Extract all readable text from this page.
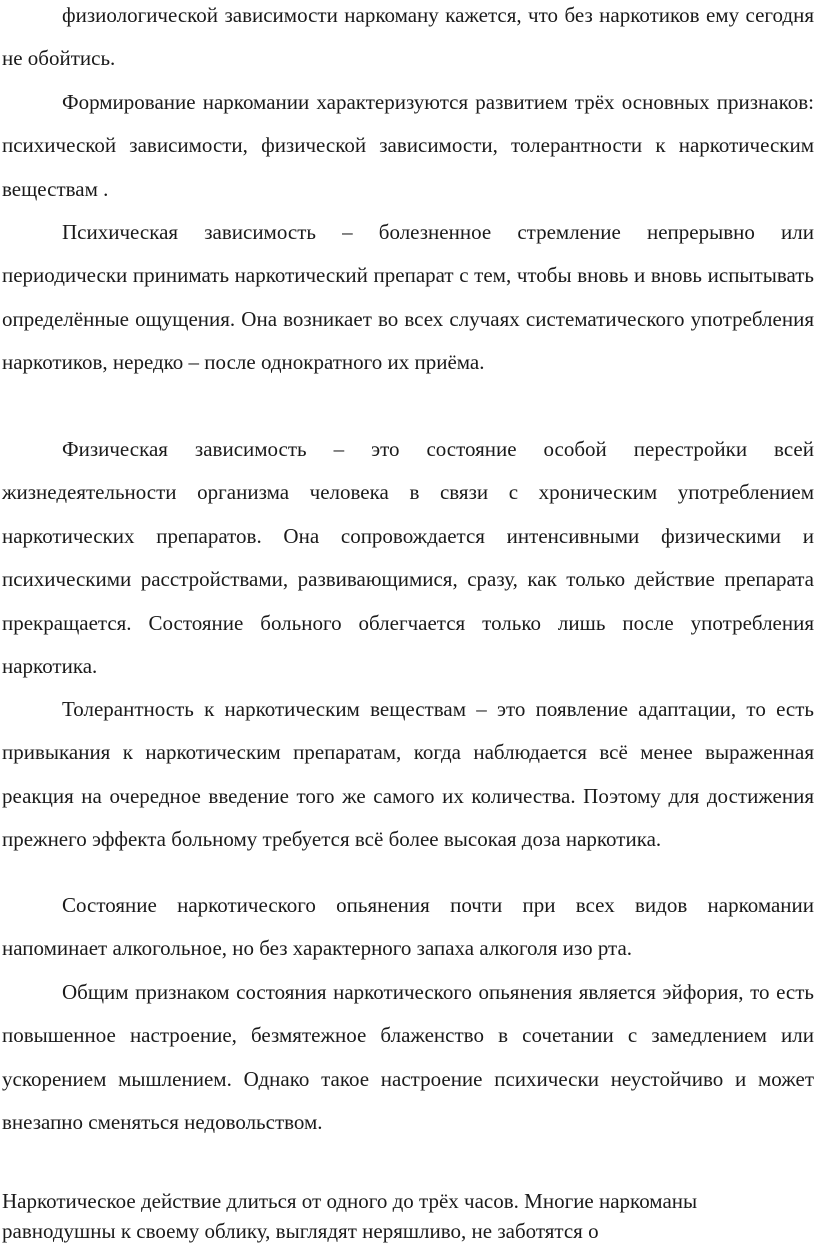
физиологической зависимости наркоману кажется, что без наркотиков ему сегодня не обойтись.

Формирование наркомании характеризуются развитием трёх основных признаков: психической зависимости, физической зависимости, толерантности к наркотическим веществам .

Психическая зависимость – болезненное стремление непрерывно или периодически принимать наркотический препарат с тем, чтобы вновь и вновь испытывать определённые ощущения. Она возникает во всех случаях систематического употребления наркотиков, нередко – после однократного их приёма.

Физическая зависимость – это состояние особой перестройки всей жизнедеятельности организма человека в связи с хроническим употреблением наркотических препаратов. Она сопровождается интенсивными физическими и психическими расстройствами, развивающимися, сразу, как только действие препарата прекращается. Состояние больного облегчается только лишь после употребления наркотика.

Толерантность к наркотическим веществам – это появление адаптации, то есть привыкания к наркотическим препаратам, когда наблюдается всё менее выраженная реакция на очередное введение того же самого их количества. Поэтому для достижения прежнего эффекта больному требуется всё более высокая доза наркотика.

Состояние наркотического опьянения почти при всех видов наркомании напоминает алкогольное, но без характерного запаха алкоголя изо рта.

Общим признаком состояния наркотического опьянения является эйфория, то есть повышенное настроение, безмятежное блаженство в сочетании с замедлением или ускорением мышлением. Однако такое настроение психически неустойчиво и может внезапно сменяться недовольством.

Наркотическое действие длиться от одного до трёх часов. Многие наркоманы равнодушны к своему облику, выглядят неряшливо, не заботятся о
